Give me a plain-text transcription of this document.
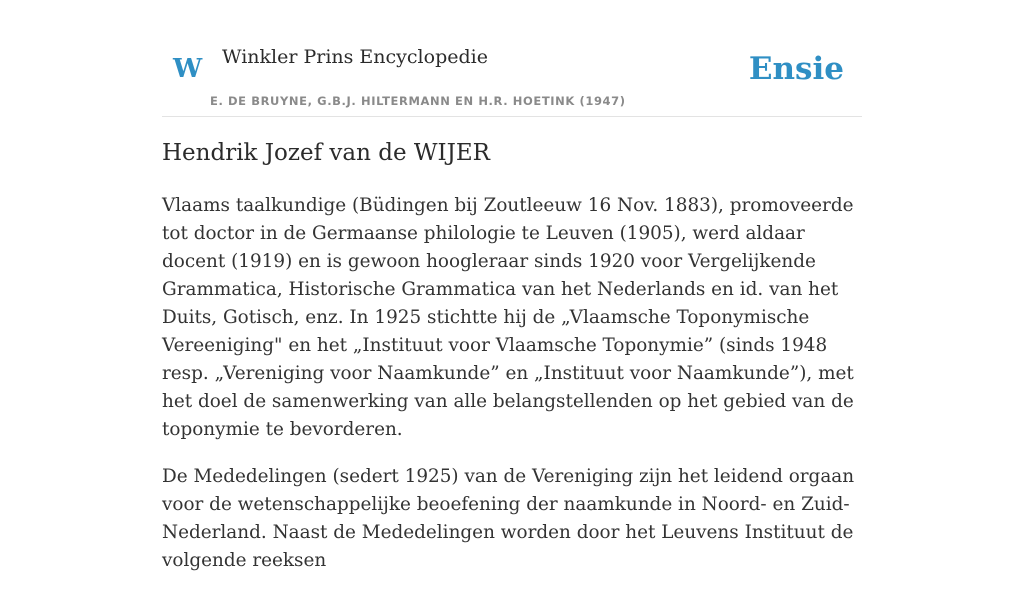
W Winkler Prins Encyclopedie
E. DE BRUYNE, G.B.J. HILTERMANN EN H.R. HOETINK (1947)
Ensie
Hendrik Jozef van de WIJER

Vlaams taalkundige (Büdingen bij Zoutleeuw 16 Nov. 1883), promoveerde tot doctor in de Germaanse philologie te Leuven (1905), werd aldaar docent (1919) en is gewoon hoogleraar sinds 1920 voor Vergelijkende Grammatica, Historische Grammatica van het Nederlands en id. van het Duits, Gotisch, enz. In 1925 stichtte hij de „Vlaamsche Toponymische Vereeniging" en het „Instituut voor Vlaamsche Toponymie” (sinds 1948 resp. „Vereniging voor Naamkunde” en „Instituut voor Naamkunde”), met het doel de samenwerking van alle belangstellenden op het gebied van de toponymie te bevorderen.

De Mededelingen (sedert 1925) van de Vereniging zijn het leidend orgaan voor de wetenschappelijke beoefening der naamkunde in Noord- en Zuid-Nederland. Naast de Mededelingen worden door het Leuvens Instituut de volgende reeksen
